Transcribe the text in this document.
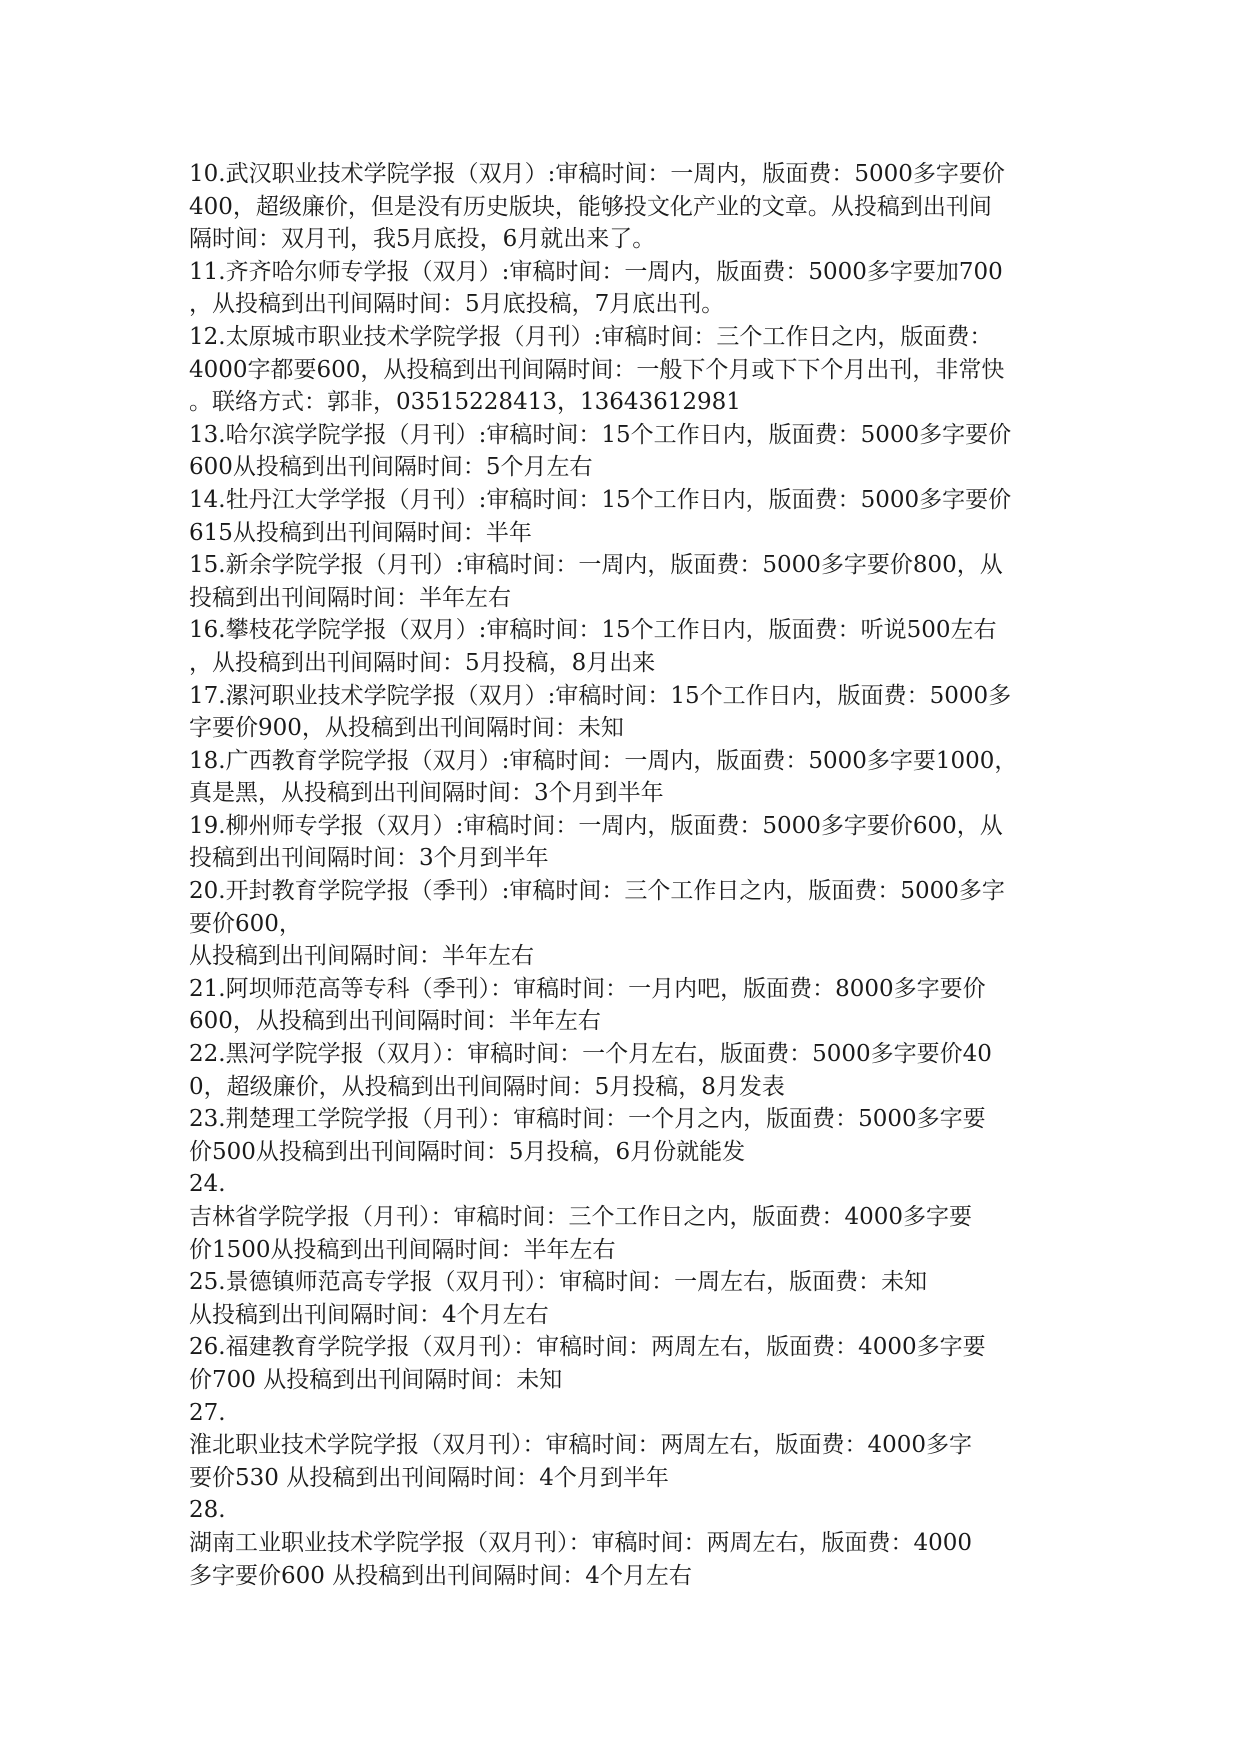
10.武汉职业技术学院学报（双月）:审稿时间：一周内，版面费：5000多字要价
400，超级廉价，但是没有历史版块，能够投文化产业的文章。从投稿到出刊间
隔时间：双月刊，我5月底投，6月就出来了。
11.齐齐哈尔师专学报（双月）:审稿时间：一周内，版面费：5000多字要加700
，从投稿到出刊间隔时间：5月底投稿，7月底出刊。
12.太原城市职业技术学院学报（月刊）:审稿时间：三个工作日之内，版面费：
4000字都要600，从投稿到出刊间隔时间：一般下个月或下下个月出刊，非常快
。联络方式：郭非，03515228413，13643612981
13.哈尔滨学院学报（月刊）:审稿时间：15个工作日内，版面费：5000多字要价
600从投稿到出刊间隔时间：5个月左右
14.牡丹江大学学报（月刊）:审稿时间：15个工作日内，版面费：5000多字要价
615从投稿到出刊间隔时间：半年
15.新余学院学报（月刊）:审稿时间：一周内，版面费：5000多字要价800，从
投稿到出刊间隔时间：半年左右
16.攀枝花学院学报（双月）:审稿时间：15个工作日内，版面费：听说500左右
，从投稿到出刊间隔时间：5月投稿，8月出来
17.漯河职业技术学院学报（双月）:审稿时间：15个工作日内，版面费：5000多
字要价900，从投稿到出刊间隔时间：未知
18.广西教育学院学报（双月）:审稿时间：一周内，版面费：5000多字要1000，
真是黑，从投稿到出刊间隔时间：3个月到半年
19.柳州师专学报（双月）:审稿时间：一周内，版面费：5000多字要价600，从
投稿到出刊间隔时间：3个月到半年
20.开封教育学院学报（季刊）:审稿时间：三个工作日之内，版面费：5000多字
要价600，
从投稿到出刊间隔时间：半年左右
21.阿坝师范高等专科（季刊）：审稿时间：一月内吧，版面费：8000多字要价
600，从投稿到出刊间隔时间：半年左右
22.黑河学院学报（双月）：审稿时间：一个月左右，版面费：5000多字要价40
0，超级廉价，从投稿到出刊间隔时间：5月投稿，8月发表
23.荆楚理工学院学报（月刊）：审稿时间：一个月之内，版面费：5000多字要
价500从投稿到出刊间隔时间：5月投稿，6月份就能发
24.
吉林省学院学报（月刊）：审稿时间：三个工作日之内，版面费：4000多字要
价1500从投稿到出刊间隔时间：半年左右
25.景德镇师范高专学报（双月刊）：审稿时间：一周左右，版面费：未知
从投稿到出刊间隔时间：4个月左右
26.福建教育学院学报（双月刊）：审稿时间：两周左右，版面费：4000多字要
价700 从投稿到出刊间隔时间：未知
27.
淮北职业技术学院学报（双月刊）：审稿时间：两周左右，版面费：4000多字
要价530 从投稿到出刊间隔时间：4个月到半年
28.
湖南工业职业技术学院学报（双月刊）：审稿时间：两周左右，版面费：4000
多字要价600 从投稿到出刊间隔时间：4个月左右
